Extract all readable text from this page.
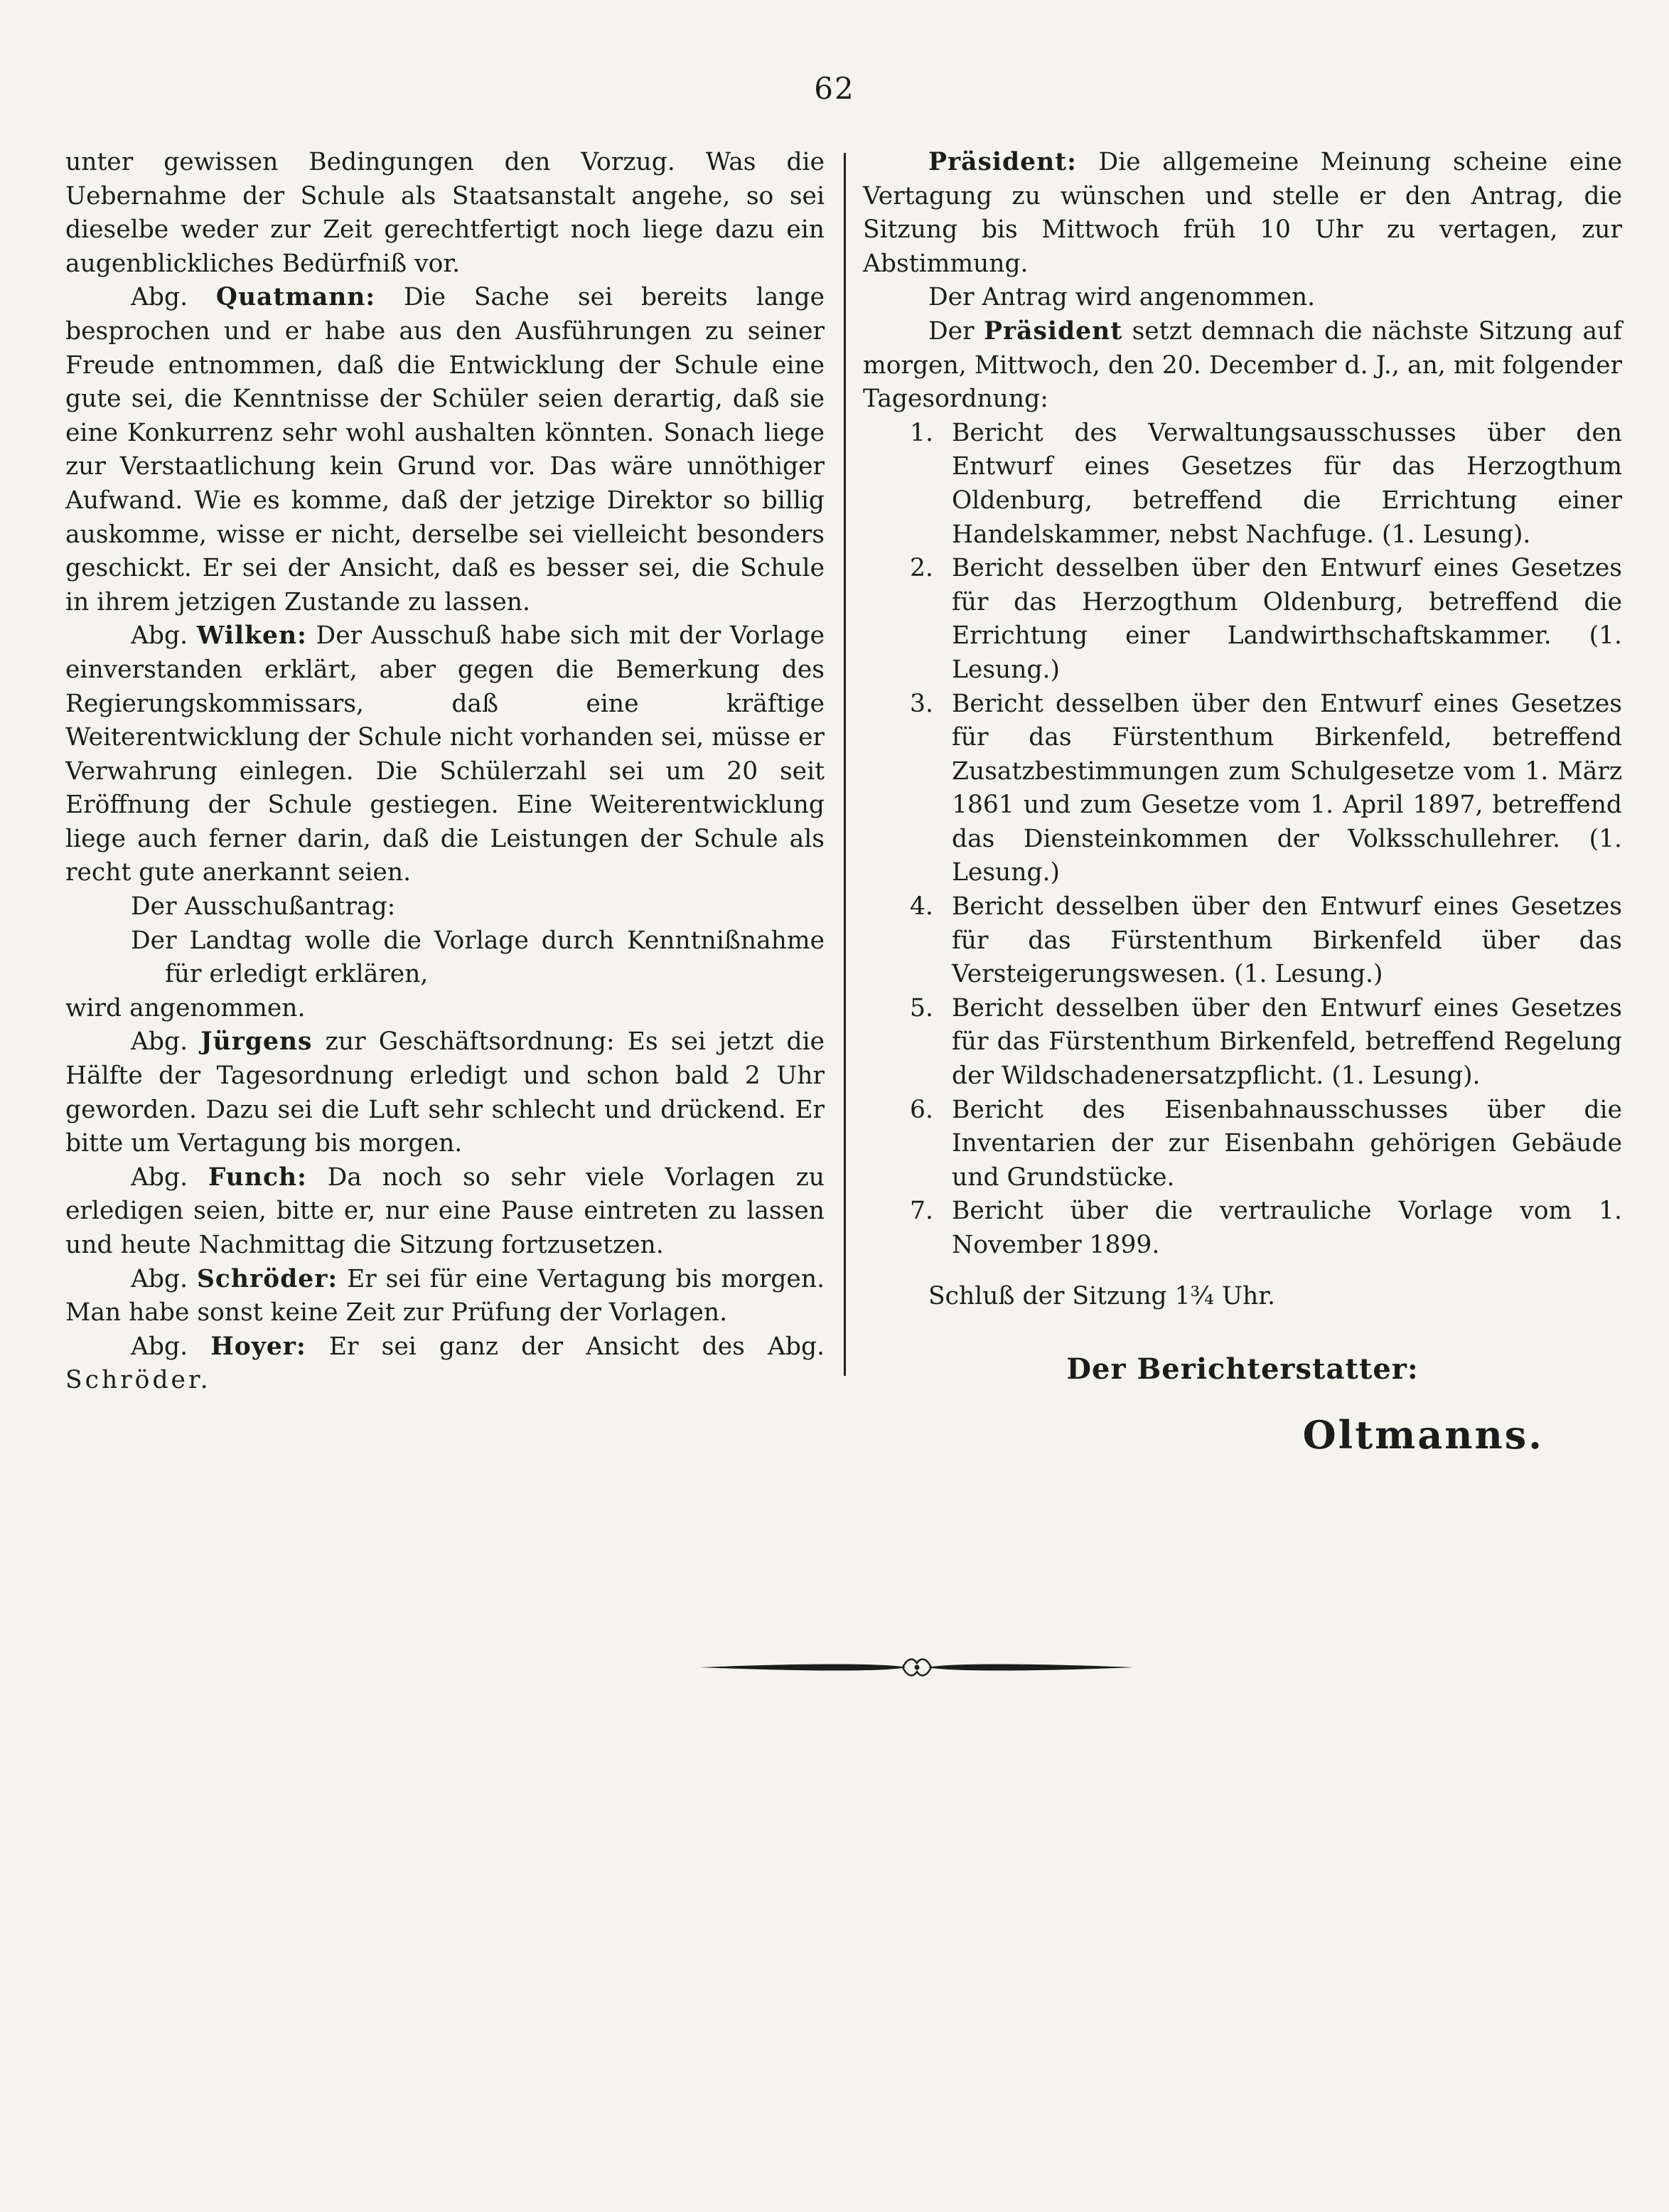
62

unter gewissen Bedingungen den Vorzug. Was die Uebernahme der Schule als Staatsanstalt angehe, so sei dieselbe weder zur Zeit gerechtfertigt noch liege dazu ein augenblickliches Bedürfniß vor.

Abg. Quatmann: Die Sache sei bereits lange besprochen und er habe aus den Ausführungen zu seiner Freude entnommen, daß die Entwicklung der Schule eine gute sei, die Kenntnisse der Schüler seien derartig, daß sie eine Konkurrenz sehr wohl aushalten könnten. Sonach liege zur Verstaatlichung kein Grund vor. Das wäre unnöthiger Aufwand. Wie es komme, daß der jetzige Direktor so billig auskomme, wisse er nicht, derselbe sei vielleicht besonders geschickt. Er sei der Ansicht, daß es besser sei, die Schule in ihrem jetzigen Zustande zu lassen.

Abg. Wilken: Der Ausschuß habe sich mit der Vorlage einverstanden erklärt, aber gegen die Bemerkung des Regierungskommissars, daß eine kräftige Weiterentwicklung der Schule nicht vorhanden sei, müsse er Verwahrung einlegen. Die Schülerzahl sei um 20 seit Eröffnung der Schule gestiegen. Eine Weiterentwicklung liege auch ferner darin, daß die Leistungen der Schule als recht gute anerkannt seien.

Der Ausschußantrag:

Der Landtag wolle die Vorlage durch Kenntnißnahme für erledigt erklären,

wird angenommen.

Abg. Jürgens zur Geschäftsordnung: Es sei jetzt die Hälfte der Tagesordnung erledigt und schon bald 2 Uhr geworden. Dazu sei die Luft sehr schlecht und drückend. Er bitte um Vertagung bis morgen.

Abg. Funch: Da noch so sehr viele Vorlagen zu erledigen seien, bitte er, nur eine Pause eintreten zu lassen und heute Nachmittag die Sitzung fortzusetzen.

Abg. Schröder: Er sei für eine Vertagung bis morgen. Man habe sonst keine Zeit zur Prüfung der Vorlagen.

Abg. Hoyer: Er sei ganz der Ansicht des Abg. Schröder.

Präsident: Die allgemeine Meinung scheine eine Vertagung zu wünschen und stelle er den Antrag, die Sitzung bis Mittwoch früh 10 Uhr zu vertagen, zur Abstimmung.

Der Antrag wird angenommen.

Der Präsident setzt demnach die nächste Sitzung auf morgen, Mittwoch, den 20. December d. J., an, mit folgender Tagesordnung:

1. Bericht des Verwaltungsausschusses über den Entwurf eines Gesetzes für das Herzogthum Oldenburg, betreffend die Errichtung einer Handelskammer, nebst Nachfuge. (1. Lesung).
2. Bericht desselben über den Entwurf eines Gesetzes für das Herzogthum Oldenburg, betreffend die Errichtung einer Landwirthschaftskammer. (1. Lesung.)
3. Bericht desselben über den Entwurf eines Gesetzes für das Fürstenthum Birkenfeld, betreffend Zusatzbestimmungen zum Schulgesetze vom 1. März 1861 und zum Gesetze vom 1. April 1897, betreffend das Diensteinkommen der Volksschullehrer. (1. Lesung.)
4. Bericht desselben über den Entwurf eines Gesetzes für das Fürstenthum Birkenfeld über das Versteigerungswesen. (1. Lesung.)
5. Bericht desselben über den Entwurf eines Gesetzes für das Fürstenthum Birkenfeld, betreffend Regelung der Wildschadenersatzpflicht. (1. Lesung).
6. Bericht des Eisenbahnausschusses über die Inventarien der zur Eisenbahn gehörigen Gebäude und Grundstücke.
7. Bericht über die vertrauliche Vorlage vom 1. November 1899.

Schluß der Sitzung 1¾ Uhr.

Der Berichterstatter:

Oltmanns.
